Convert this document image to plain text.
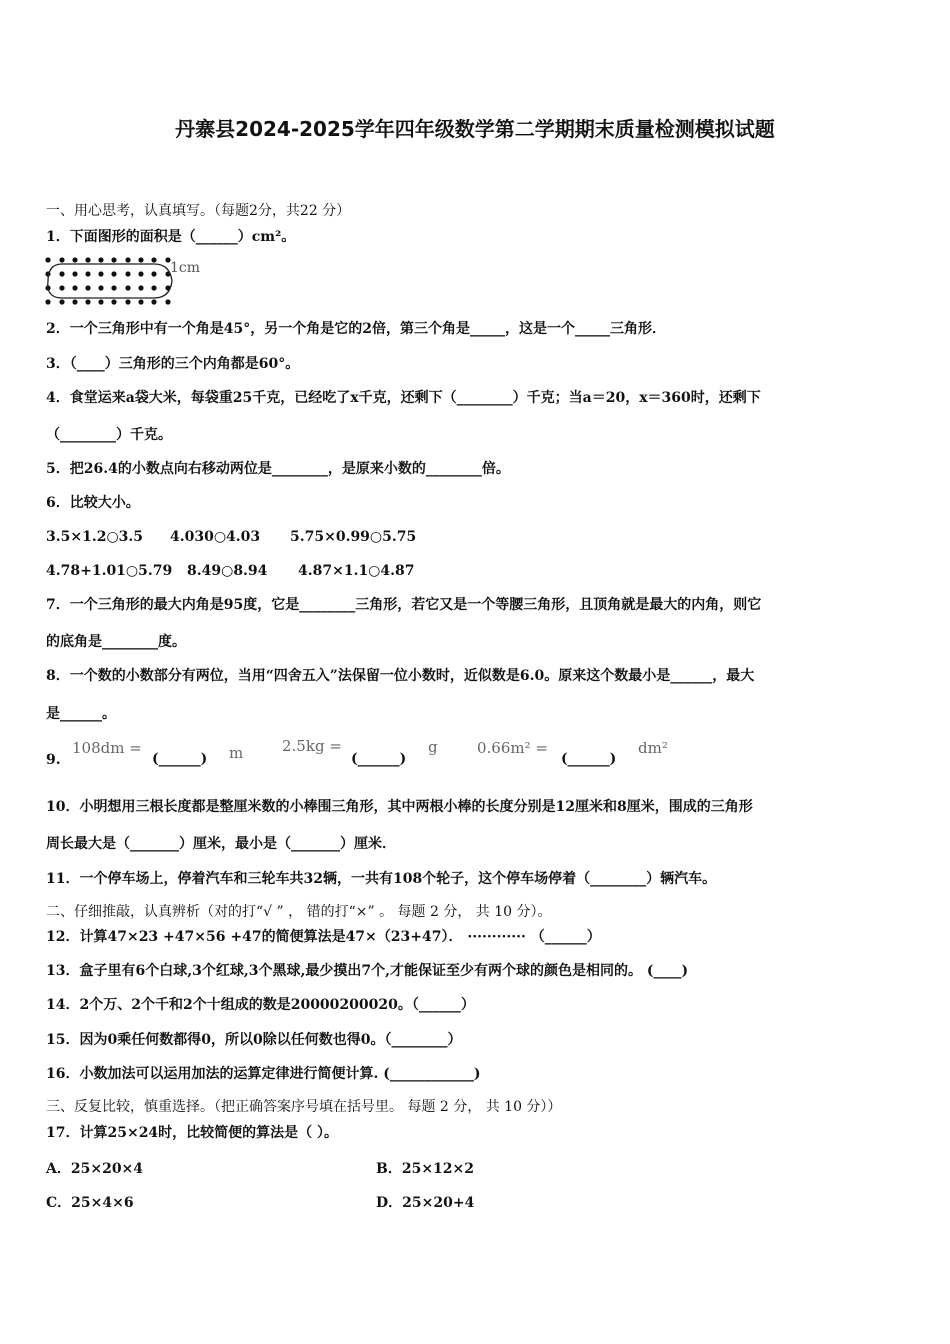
丹寨县2024-2025学年四年级数学第二学期期末质量检测模拟试题
一、用心思考，认真填写。（每题2分，共22 分）
1．下面图形的面积是（______）cm²。
1cm
2．一个三角形中有一个角是45°，另一个角是它的2倍，第三个角是_____，这是一个_____三角形．
3．（____）三角形的三个内角都是60°。
4．食堂运来a袋大米，每袋重25千克，已经吃了x千克，还剩下（________）千克；当a＝20，x＝360时，还剩下
（________）千克。
5．把26.4的小数点向右移动两位是________，是原来小数的________倍。
6．比较大小。
3.5×1.2○3.5 4.030○4.03 5.75×0.99○5.75
4.78+1.01○5.79 8.49○8.94 4.87×1.1○4.87
7．一个三角形的最大内角是95度，它是________三角形，若它又是一个等腰三角形，且顶角就是最大的内角，则它
的底角是________度。
8．一个数的小数部分有两位，当用“四舍五入”法保留一位小数时，近似数是6.0。原来这个数最小是______，最大
是______。
9.
108dm =
(______) m	2.5kg =
(______)
g	0.66m² =
(______)
dm²
10．小明想用三根长度都是整厘米数的小棒围三角形，其中两根小棒的长度分别是12厘米和8厘米，围成的三角形
周长最大是（_______）厘米，最小是（_______）厘米．
11．一个停车场上，停着汽车和三轮车共32辆，一共有108个轮子，这个停车场停着（________）辆汽车。
二、仔细推敲，认真辨析（对的打“√ ” ， 错的打“×” 。 每题 2 分， 共 10 分）。
12．计算47×23 +47×56 +47的简便算法是47×（23+47）． ············ （______）
13．盒子里有6个白球,3个红球,3个黑球,最少摸出7个,才能保证至少有两个球的颜色是相同的。 (____)
14．2个万、2个千和2个十组成的数是20000200020。（______）
15．因为0乘任何数都得0，所以0除以任何数也得0。（________）
16．小数加法可以运用加法的运算定律进行简便计算. (____________)
三、反复比较，慎重选择。（把正确答案序号填在括号里。 每题 2 分， 共 10 分））
17．计算25×24时，比较简便的算法是（ ）。
A．25×20×4	B．25×12×2
C．25×4×6	D．25×20+4
